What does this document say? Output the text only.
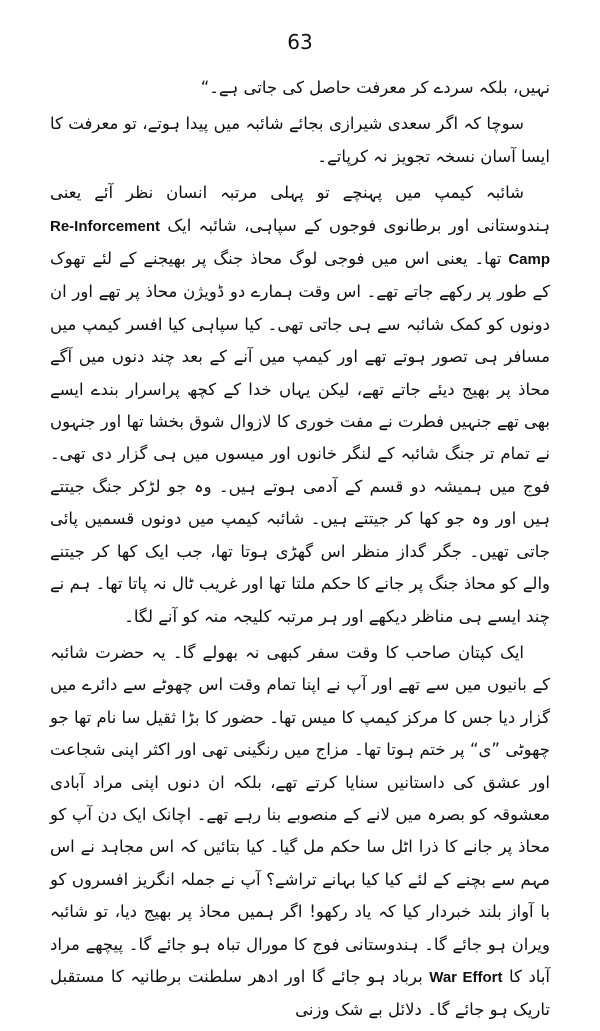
63

نہیں، بلکہ سردے کر معرفت حاصل کی جاتی ہے۔“

سوچا کہ اگر سعدی شیرازی بجائے شائبہ میں پیدا ہوتے، تو معرفت کا ایسا آسان نسخہ تجویز نہ کرپاتے۔

شائبہ کیمپ میں پہنچے تو پہلی مرتبہ انسان نظر آئے یعنی ہندوستانی اور برطانوی فوجوں کے سپاہی، شائبہ ایک Re-Inforcement Camp تھا۔ یعنی اس میں فوجی لوگ محاذ جنگ پر بھیجنے کے لئے تھوک کے طور پر رکھے جاتے تھے۔ اس وقت ہمارے دو ڈویژن محاذ پر تھے اور ان دونوں کو کمک شائبہ سے ہی جاتی تھی۔ کیا سپاہی کیا افسر کیمپ میں مسافر ہی تصور ہوتے تھے اور کیمپ میں آنے کے بعد چند دنوں میں آگے محاذ پر بھیج دیئے جاتے تھے، لیکن یہاں خدا کے کچھ پراسرار بندے ایسے بھی تھے جنہیں فطرت نے مفت خوری کا لازوال شوق بخشا تھا اور جنہوں نے تمام تر جنگ شائبہ کے لنگر خانوں اور میسوں میں ہی گزار دی تھی۔ فوج میں ہمیشہ دو قسم کے آدمی ہوتے ہیں۔ وہ جو لڑکر جنگ جیتتے ہیں اور وہ جو کھا کر جیتتے ہیں۔ شائبہ کیمپ میں دونوں قسمیں پائی جاتی تھیں۔ جگر گداز منظر اس گھڑی ہوتا تھا، جب ایک کھا کر جیتنے والے کو محاذ جنگ پر جانے کا حکم ملتا تھا اور غریب ٹال نہ پاتا تھا۔ ہم نے چند ایسے ہی مناظر دیکھے اور ہر مرتبہ کلیجہ منہ کو آنے لگا۔

ایک کپتان صاحب کا وقت سفر کبھی نہ بھولے گا۔ یہ حضرت شائبہ کے بانیوں میں سے تھے اور آپ نے اپنا تمام وقت اس چھوٹے سے دائرے میں گزار دیا جس کا مرکز کیمپ کا میس تھا۔ حضور کا بڑا ثقیل سا نام تھا جو چھوٹی ”ی“ پر ختم ہوتا تھا۔ مزاج میں رنگینی تھی اور اکثر اپنی شجاعت اور عشق کی داستانیں سنایا کرتے تھے، بلکہ ان دنوں اپنی مراد آبادی معشوقہ کو بصرہ میں لانے کے منصوبے بنا رہے تھے۔ اچانک ایک دن آپ کو محاذ پر جانے کا ذرا اٹل سا حکم مل گیا۔ کیا بتائیں کہ اس مجاہد نے اس مہم سے بچنے کے لئے کیا کیا بہانے تراشے؟ آپ نے جملہ انگریز افسروں کو با آواز بلند خبردار کیا کہ یاد رکھو! اگر ہمیں محاذ پر بھیج دیا، تو شائبہ ویران ہو جائے گا۔ ہندوستانی فوج کا مورال تباہ ہو جائے گا۔ پیچھے مراد آباد کا War Effort برباد ہو جائے گا اور ادھر سلطنت برطانیہ کا مستقبل تاریک ہو جائے گا۔ دلائل بے شک وزنی
